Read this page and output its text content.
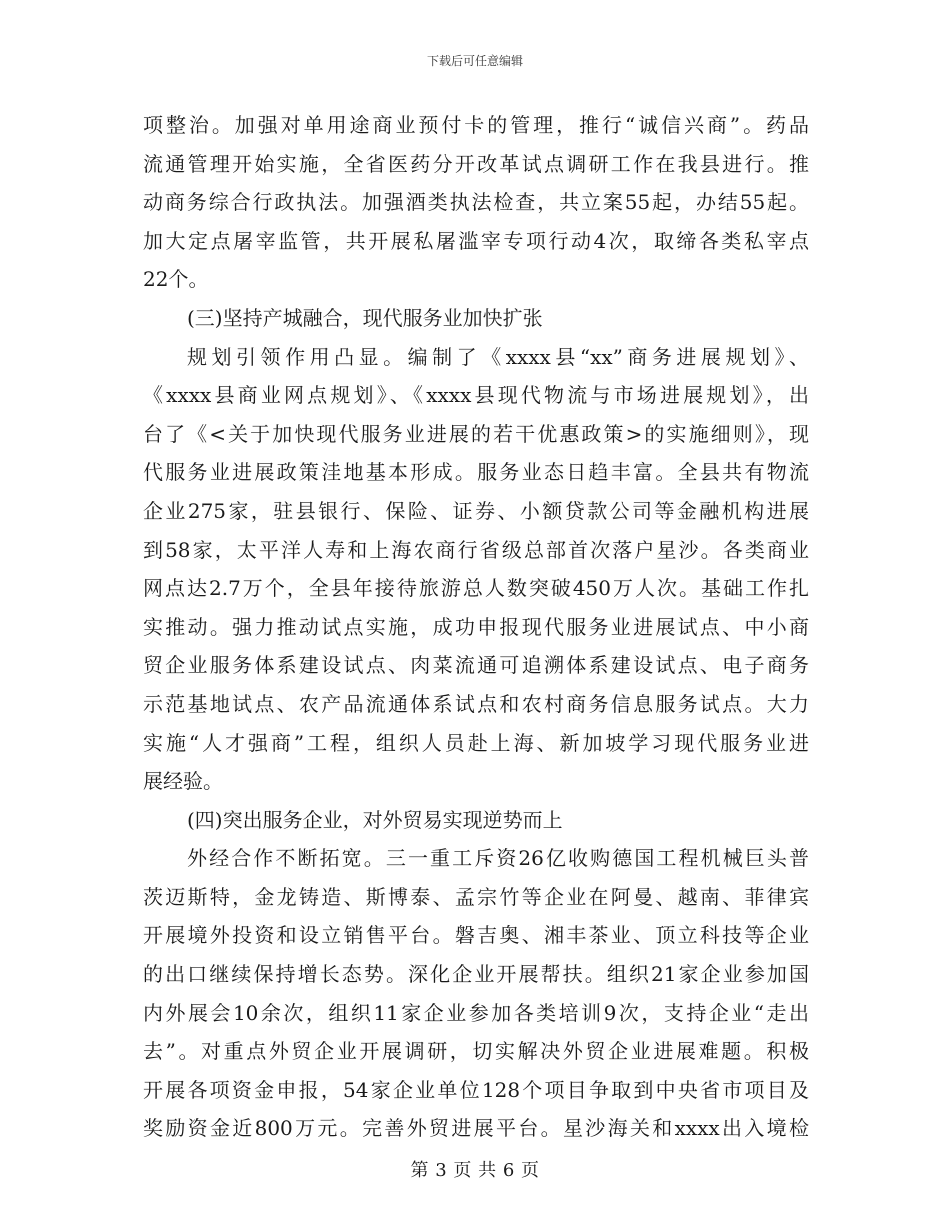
下载后可任意编辑
项整治。加强对单用途商业预付卡的管理，推行“诚信兴商”。药品
流通管理开始实施，全省医药分开改革试点调研工作在我县进行。推
动商务综合行政执法。加强酒类执法检查，共立案55起，办结55起。
加大定点屠宰监管，共开展私屠滥宰专项行动4次，取缔各类私宰点
22个。
(三)坚持产城融合，现代服务业加快扩张
规划引领作用凸显。编制了《xxxx县“xx”商务进展规划》、
《xxxx县商业网点规划》、《xxxx县现代物流与市场进展规划》，出
台了《<关于加快现代服务业进展的若干优惠政策>的实施细则》，现
代服务业进展政策洼地基本形成。服务业态日趋丰富。全县共有物流
企业275家，驻县银行、保险、证券、小额贷款公司等金融机构进展
到58家，太平洋人寿和上海农商行省级总部首次落户星沙。各类商业
网点达2.7万个，全县年接待旅游总人数突破450万人次。基础工作扎
实推动。强力推动试点实施，成功申报现代服务业进展试点、中小商
贸企业服务体系建设试点、肉菜流通可追溯体系建设试点、电子商务
示范基地试点、农产品流通体系试点和农村商务信息服务试点。大力
实施“人才强商”工程，组织人员赴上海、新加坡学习现代服务业进
展经验。
(四)突出服务企业，对外贸易实现逆势而上
外经合作不断拓宽。三一重工斥资26亿收购德国工程机械巨头普
茨迈斯特，金龙铸造、斯博泰、孟宗竹等企业在阿曼、越南、菲律宾
开展境外投资和设立销售平台。磐吉奥、湘丰茶业、顶立科技等企业
的出口继续保持增长态势。深化企业开展帮扶。组织21家企业参加国
内外展会10余次，组织11家企业参加各类培训9次，支持企业“走出
去”。对重点外贸企业开展调研，切实解决外贸企业进展难题。积极
开展各项资金申报，54家企业单位128个项目争取到中央省市项目及
奖励资金近800万元。完善外贸进展平台。星沙海关和xxxx出入境检
第 3 页 共 6 页
